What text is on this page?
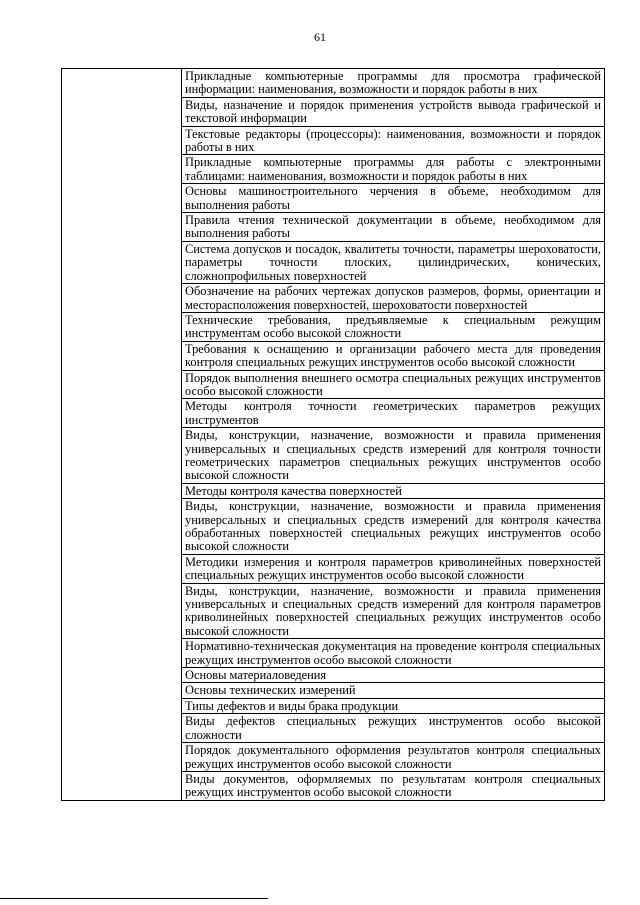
61
	Прикладные компьютерные программы для просмотра графической информации: наименования, возможности и порядок работы в них
Виды, назначение и порядок применения устройств вывода графической и текстовой информации
Текстовые редакторы (процессоры): наименования, возможности и порядок работы в них
Прикладные компьютерные программы для работы с электронными таблицами: наименования, возможности и порядок работы в них
Основы машиностроительного черчения в объеме, необходимом для выполнения работы
Правила чтения технической документации в объеме, необходимом для выполнения работы
Система допусков и посадок, квалитеты точности, параметры шероховатости, параметры точности плоских, цилиндрических, конических, сложнопрофильных поверхностей
Обозначение на рабочих чертежах допусков размеров, формы, ориентации и месторасположения поверхностей, шероховатости поверхностей
Технические требования, предъявляемые к специальным режущим инструментам особо высокой сложности
Требования к оснащению и организации рабочего места для проведения контроля специальных режущих инструментов особо высокой сложности
Порядок выполнения внешнего осмотра специальных режущих инструментов особо высокой сложности
Методы контроля точности геометрических параметров режущих инструментов
Виды, конструкции, назначение, возможности и правила применения универсальных и специальных средств измерений для контроля точности геометрических параметров специальных режущих инструментов особо высокой сложности
Методы контроля качества поверхностей
Виды, конструкции, назначение, возможности и правила применения универсальных и специальных средств измерений для контроля качества обработанных поверхностей специальных режущих инструментов особо высокой сложности
Методики измерения и контроля параметров криволинейных поверхностей специальных режущих инструментов особо высокой сложности
Виды, конструкции, назначение, возможности и правила применения универсальных и специальных средств измерений для контроля параметров криволинейных поверхностей специальных режущих инструментов особо высокой сложности
Нормативно-техническая документация на проведение контроля специальных режущих инструментов особо высокой сложности
Основы материаловедения
Основы технических измерений
Типы дефектов и виды брака продукции
Виды дефектов специальных режущих инструментов особо высокой сложности
Порядок документального оформления результатов контроля специальных режущих инструментов особо высокой сложности
Виды документов, оформляемых по результатам контроля специальных режущих инструментов особо высокой сложности
